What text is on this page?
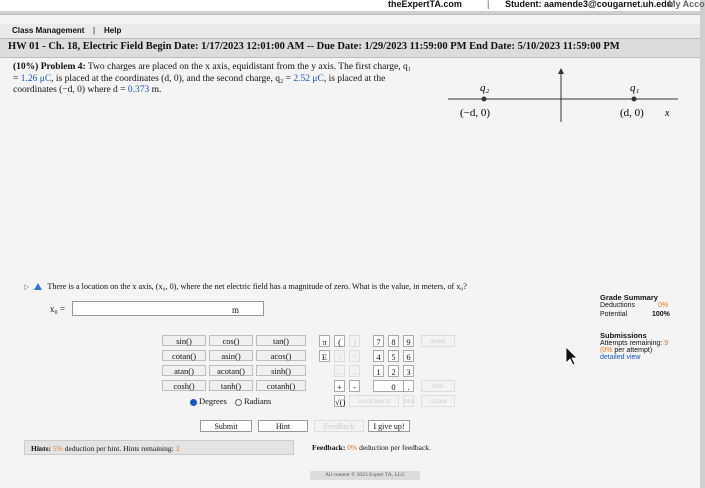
theExpertTA.com	| Student: aamende3@cougarnet.uh.edu
My Acco
Class Management | Help
HW 01 - Ch. 18, Electric Field Begin Date: 1/17/2023 12:01:00 AM -- Due Date: 1/29/2023 11:59:00 PM End Date: 5/10/2023 11:59:00 PM
(10%) Problem 4: Two charges are placed on the x axis, equidistant from the y axis. The first charge, q₁ = 1.26 μC, is placed at the coordinates (d, 0), and the second charge, q₂ = 2.52 μC, is placed at the coordinates (−d, 0) where d = 0.373 m.	q₂	q₁
(−d, 0)	(d, 0) x
▷ There is a location on the x axis, (x₀, 0), where the net electric field has a magnitude of zero. What is the value, in meters, of x₀?
x₀ =	m
sin()	cos()	tan()
cotan()	asin()	acos()
atan()	acotan()	sinh()
cosh()	tanh()	cotanh()
Degrees Radians
π
E
(	)
↑	^
← →
7	8	9
4	5	6
1	2	3
+	-	0	.
√()	BACKSPACE	DEL
HOME
END
CLEAR
Submit	Hint	Feedback	I give up!
Hints: 5% deduction per hint. Hints remaining: 3	Feedback: 0% deduction per feedback.
Grade Summary
Deductions	0%
Potential	100%
Submissions
Attempts remaining: 9
(0% per attempt)
detailed view
All content © 2023 Expert TA, LLC
